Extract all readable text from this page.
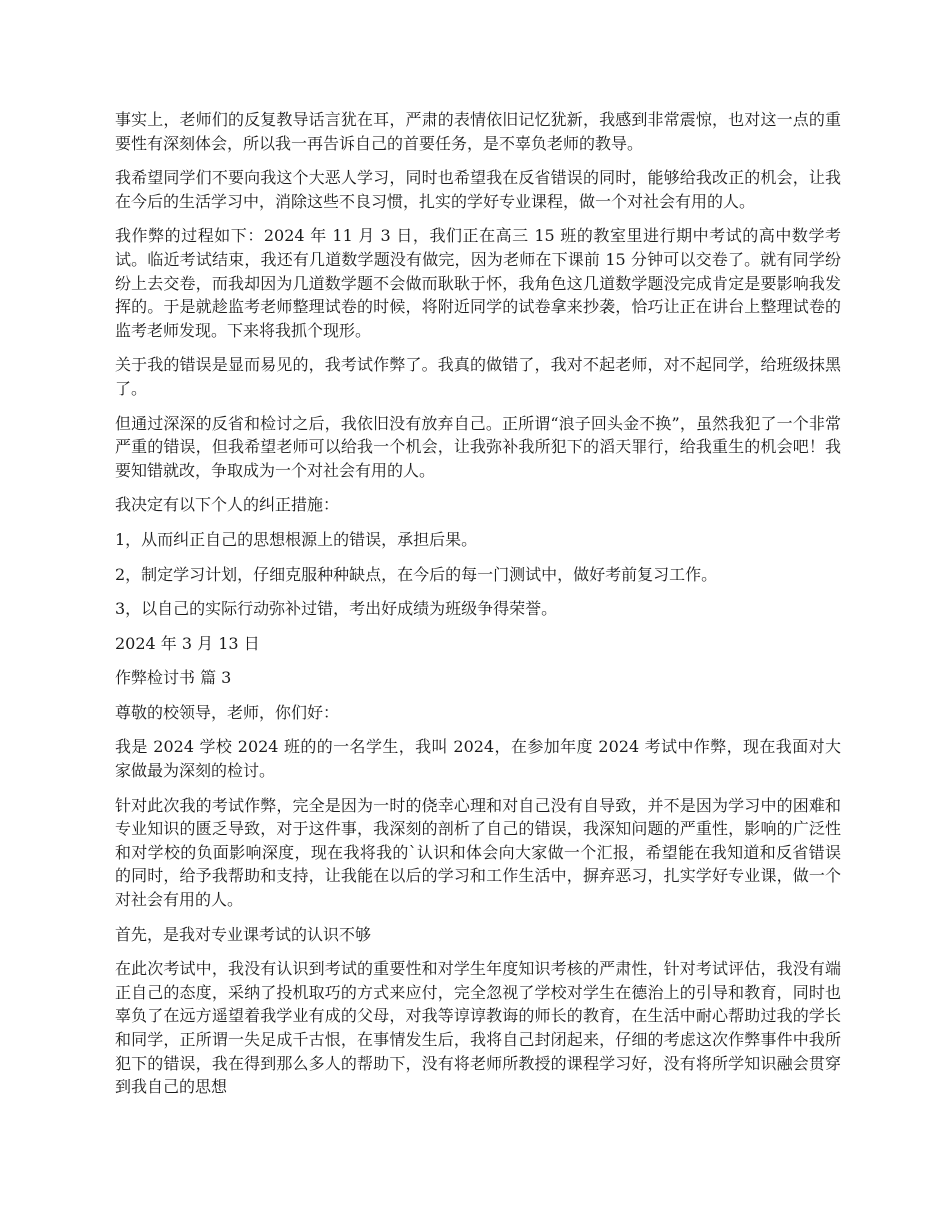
事实上，老师们的反复教导话言犹在耳，严肃的表情依旧记忆犹新，我感到非常震惊，也对这一点的重要性有深刻体会，所以我一再告诉自己的首要任务，是不辜负老师的教导。

我希望同学们不要向我这个大恶人学习，同时也希望我在反省错误的同时，能够给我改正的机会，让我在今后的生活学习中，消除这些不良习惯，扎实的学好专业课程，做一个对社会有用的人。

我作弊的过程如下：2024 年 11 月 3 日，我们正在高三 15 班的教室里进行期中考试的高中数学考试。临近考试结束，我还有几道数学题没有做完，因为老师在下课前 15 分钟可以交卷了。就有同学纷纷上去交卷，而我却因为几道数学题不会做而耿耿于怀，我角色这几道数学题没完成肯定是要影响我发挥的。于是就趁监考老师整理试卷的时候，将附近同学的试卷拿来抄袭，恰巧让正在讲台上整理试卷的监考老师发现。下来将我抓个现形。

关于我的错误是显而易见的，我考试作弊了。我真的做错了，我对不起老师，对不起同学，给班级抹黑了。

但通过深深的反省和检讨之后，我依旧没有放弃自己。正所谓“浪子回头金不换”，虽然我犯了一个非常严重的错误，但我希望老师可以给我一个机会，让我弥补我所犯下的滔天罪行，给我重生的机会吧！我要知错就改，争取成为一个对社会有用的人。

我决定有以下个人的纠正措施：

1，从而纠正自己的思想根源上的错误，承担后果。

2，制定学习计划，仔细克服种种缺点，在今后的每一门测试中，做好考前复习工作。

3，以自己的实际行动弥补过错，考出好成绩为班级争得荣誉。

2024 年 3 月 13 日

作弊检讨书 篇 3

尊敬的校领导，老师，你们好：

我是 2024 学校 2024 班的的一名学生，我叫 2024，在参加年度 2024 考试中作弊，现在我面对大家做最为深刻的检讨。

针对此次我的考试作弊，完全是因为一时的侥幸心理和对自己没有自导致，并不是因为学习中的困难和专业知识的匮乏导致，对于这件事，我深刻的剖析了自己的错误，我深知问题的严重性，影响的广泛性和对学校的负面影响深度，现在我将我的`认识和体会向大家做一个汇报，希望能在我知道和反省错误的同时，给予我帮助和支持，让我能在以后的学习和工作生活中，摒弃恶习，扎实学好专业课，做一个对社会有用的人。

首先，是我对专业课考试的认识不够

在此次考试中，我没有认识到考试的重要性和对学生年度知识考核的严肃性，针对考试评估，我没有端正自己的态度，采纳了投机取巧的方式来应付，完全忽视了学校对学生在德治上的引导和教育，同时也辜负了在远方遥望着我学业有成的父母，对我等谆谆教诲的师长的教育，在生活中耐心帮助过我的学长和同学，正所谓一失足成千古恨，在事情发生后，我将自己封闭起来，仔细的考虑这次作弊事件中我所犯下的错误，我在得到那么多人的帮助下，没有将老师所教授的课程学习好，没有将所学知识融会贯穿到我自己的思想
